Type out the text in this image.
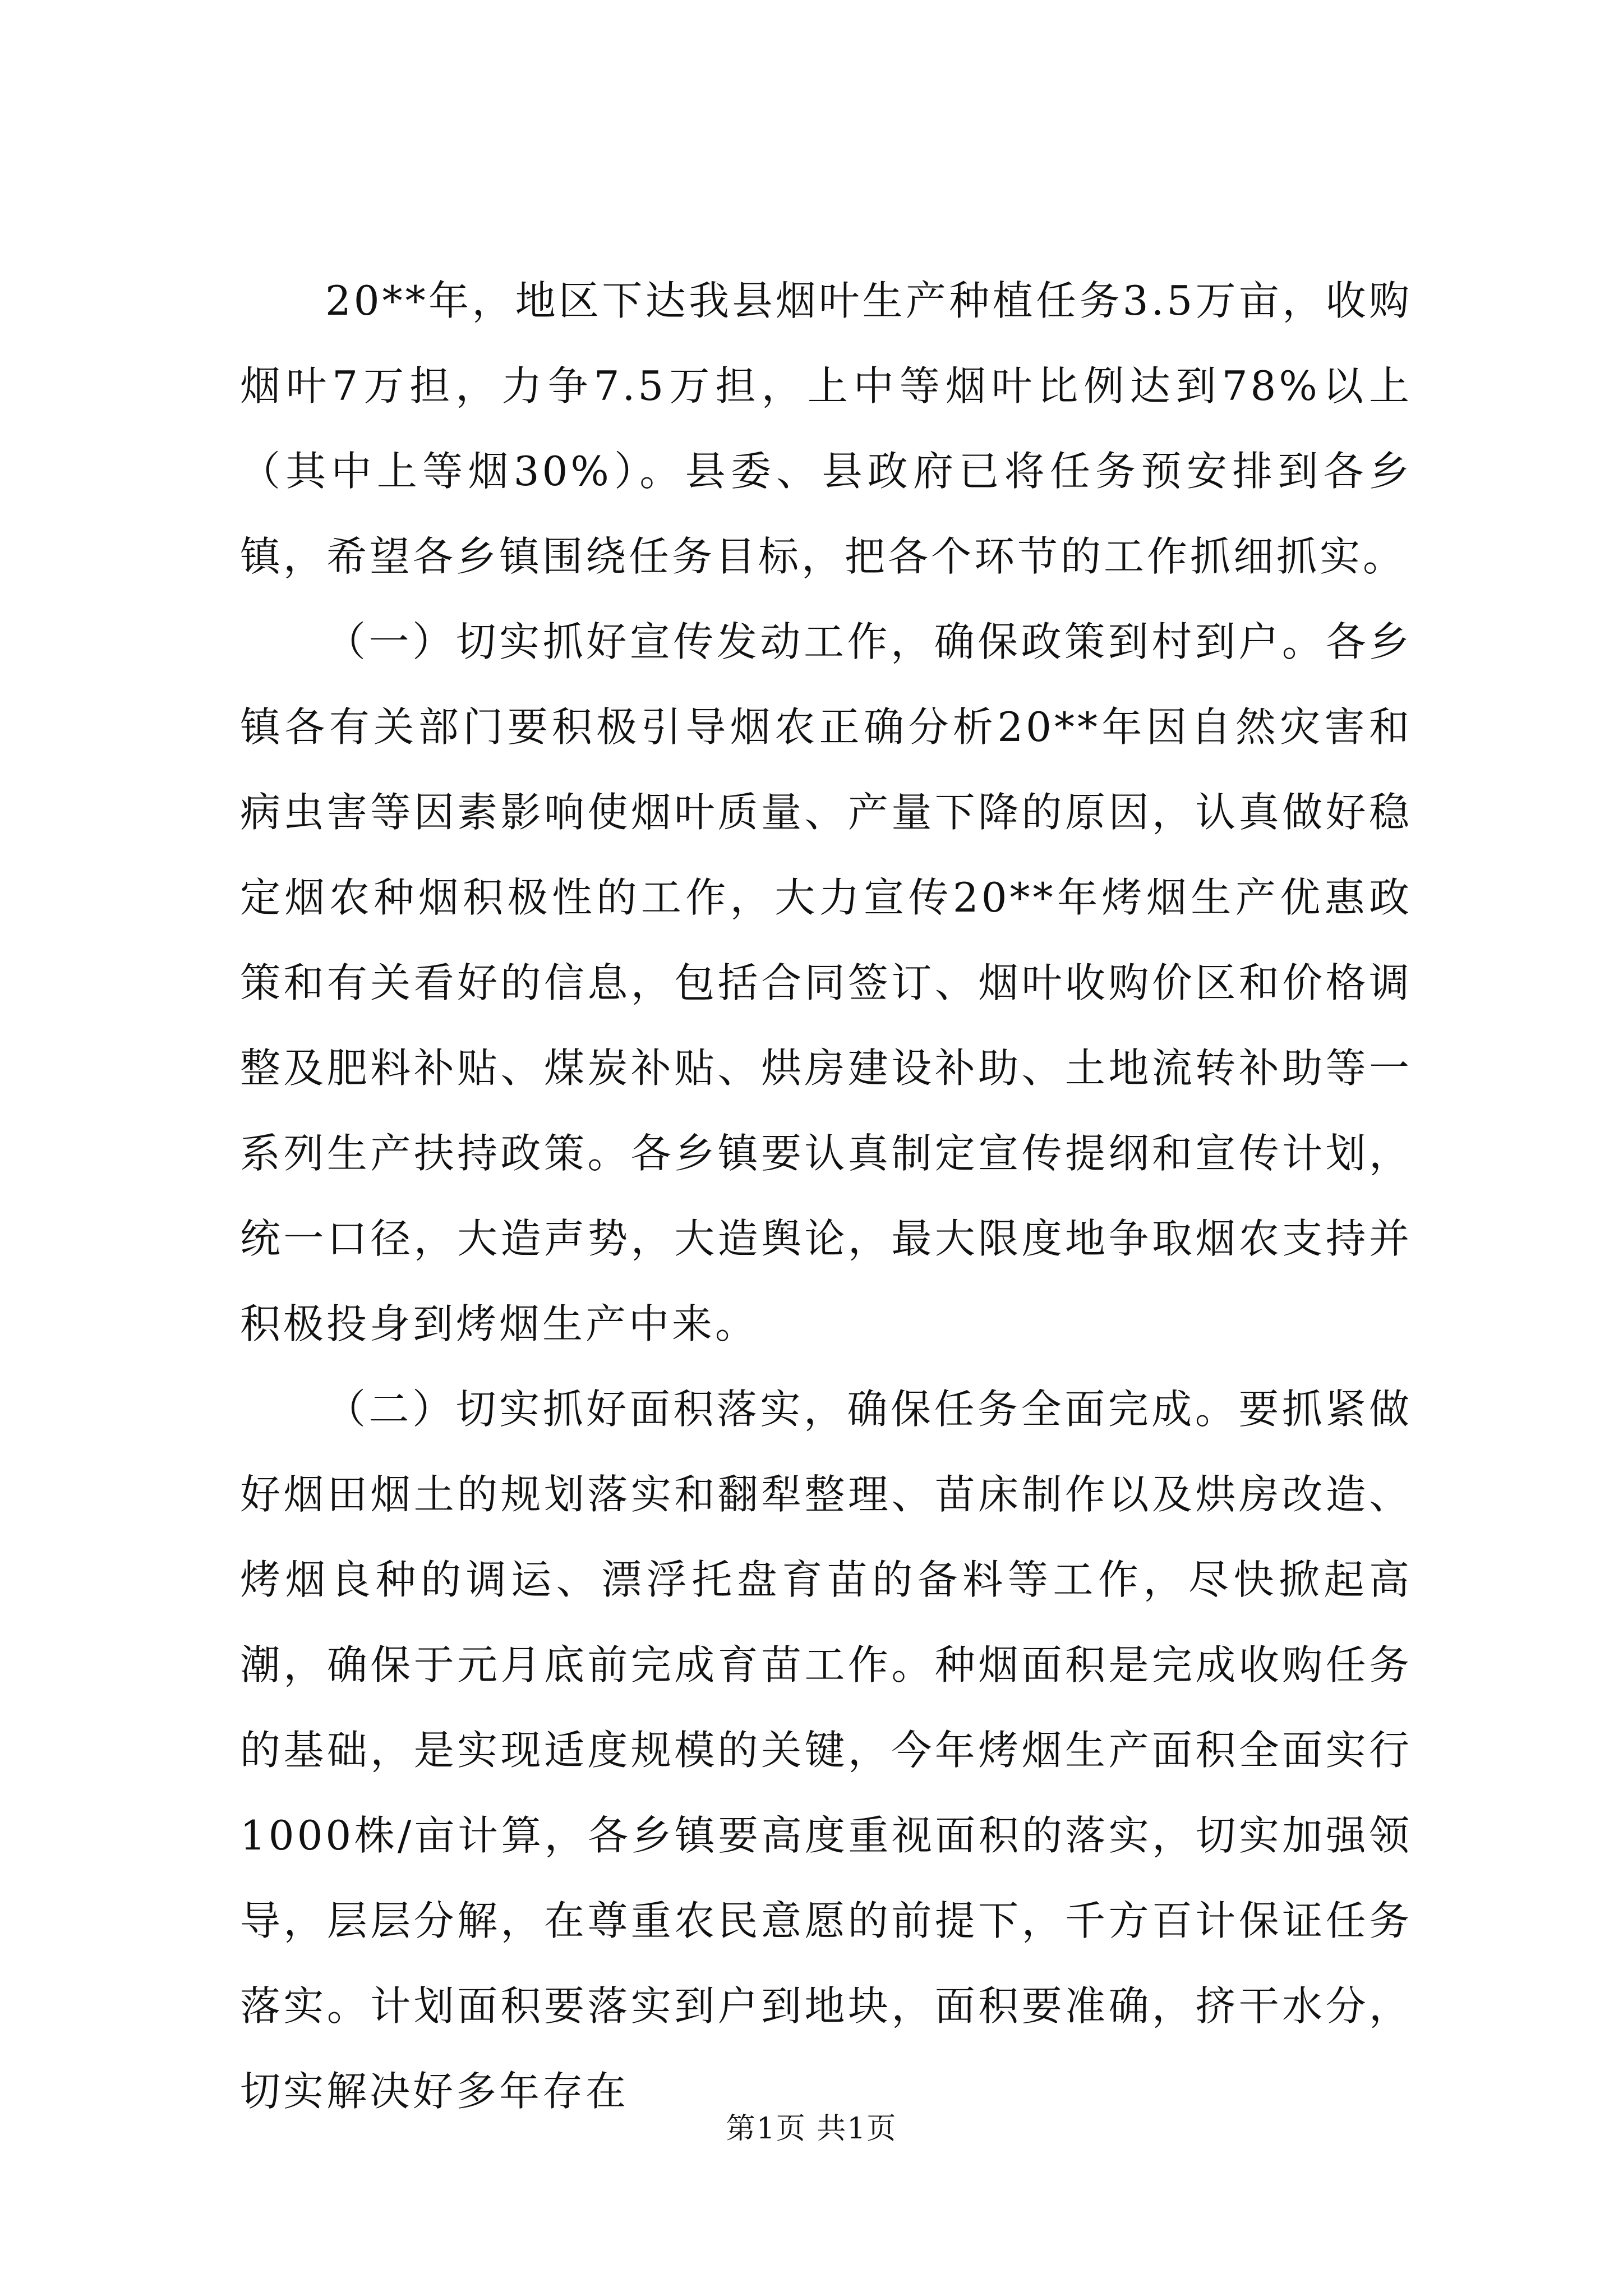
20**年，地区下达我县烟叶生产种植任务3.5万亩，收购烟叶7万担，力争7.5万担，上中等烟叶比例达到78%以上（其中上等烟30%）。县委、县政府已将任务预安排到各乡镇，希望各乡镇围绕任务目标，把各个环节的工作抓细抓实。

（一）切实抓好宣传发动工作，确保政策到村到户。各乡镇各有关部门要积极引导烟农正确分析20**年因自然灾害和病虫害等因素影响使烟叶质量、产量下降的原因，认真做好稳定烟农种烟积极性的工作，大力宣传20**年烤烟生产优惠政策和有关看好的信息，包括合同签订、烟叶收购价区和价格调整及肥料补贴、煤炭补贴、烘房建设补助、土地流转补助等一系列生产扶持政策。各乡镇要认真制定宣传提纲和宣传计划，统一口径，大造声势，大造舆论，最大限度地争取烟农支持并积极投身到烤烟生产中来。

（二）切实抓好面积落实，确保任务全面完成。要抓紧做好烟田烟土的规划落实和翻犁整理、苗床制作以及烘房改造、烤烟良种的调运、漂浮托盘育苗的备料等工作，尽快掀起高潮，确保于元月底前完成育苗工作。种烟面积是完成收购任务的基础，是实现适度规模的关键，今年烤烟生产面积全面实行1000株/亩计算，各乡镇要高度重视面积的落实，切实加强领导，层层分解，在尊重农民意愿的前提下，千方百计保证任务落实。计划面积要落实到户到地块，面积要准确，挤干水分，切实解决好多年存在

第1页 共1页
